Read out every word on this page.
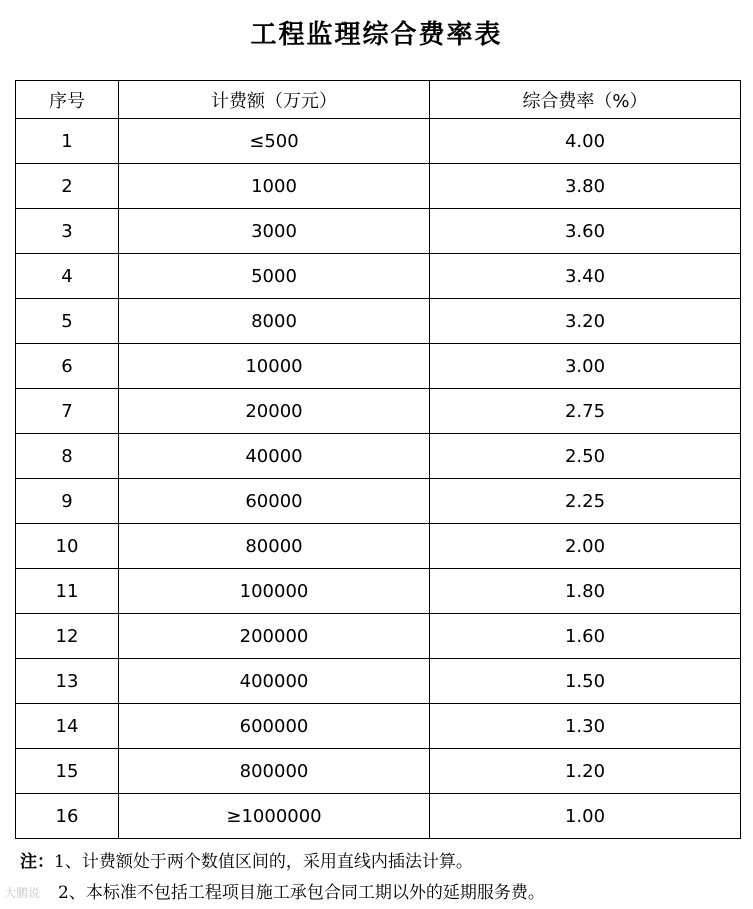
工程监理综合费率表
序号	计费额（万元）	综合费率（%）
1	≤500	4.00
2	1000	3.80
3	3000	3.60
4	5000	3.40
5	8000	3.20
6	10000	3.00
7	20000	2.75
8	40000	2.50
9	60000	2.25
10	80000	2.00
11	100000	1.80
12	200000	1.60
13	400000	1.50
14	600000	1.30
15	800000	1.20
16	≥1000000	1.00
注：1、计费额处于两个数值区间的，采用直线内插法计算。
2、本标准不包括工程项目施工承包合同工期以外的延期服务费。
大鹏说
